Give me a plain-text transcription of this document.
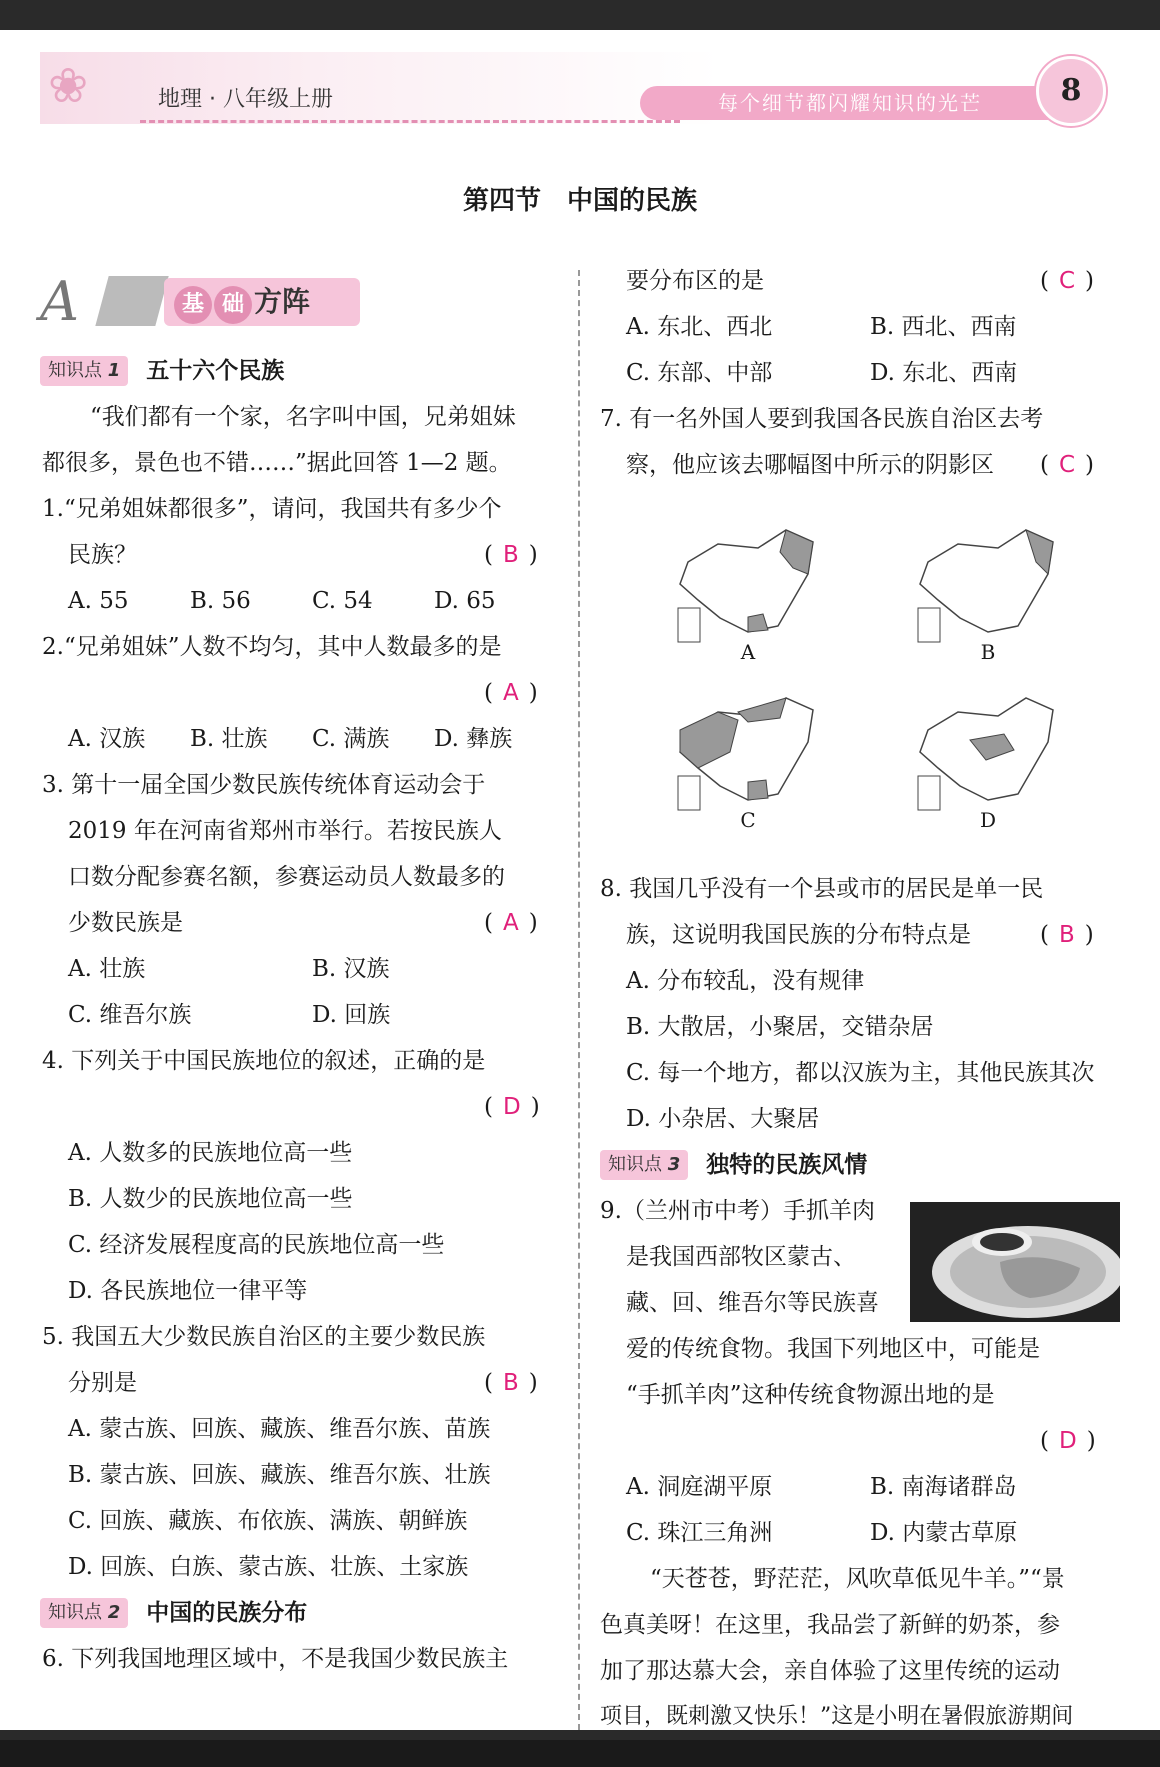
❀	地理 · 八年级上册	每个细节都闪耀知识的光芒	8
第四节　中国的民族
A	基 础 方阵
知识点 1 五十六个民族
“我们都有一个家，名字叫中国，兄弟姐妹
都很多，景色也不错……”据此回答 1—2 题。
1.“兄弟姐妹都很多”，请问，我国共有多少个
民族？	( B )
A. 55	B. 56	C. 54	D. 65
2.“兄弟姐妹”人数不均匀，其中人数最多的是
( A )
A. 汉族 B. 壮族 C. 满族 D. 彝族
3. 第十一届全国少数民族传统体育运动会于
2019 年在河南省郑州市举行。若按民族人
口数分配参赛名额，参赛运动员人数最多的
少数民族是	( A )
A. 壮族	B. 汉族
C. 维吾尔族	D. 回族
4. 下列关于中国民族地位的叙述，正确的是
( D )
A. 人数多的民族地位高一些
B. 人数少的民族地位高一些
C. 经济发展程度高的民族地位高一些
D. 各民族地位一律平等
5. 我国五大少数民族自治区的主要少数民族
分别是	( B )
A. 蒙古族、回族、藏族、维吾尔族、苗族
B. 蒙古族、回族、藏族、维吾尔族、壮族
C. 回族、藏族、布依族、满族、朝鲜族
D. 回族、白族、蒙古族、壮族、土家族
知识点 2 中国的民族分布
6. 下列我国地理区域中，不是我国少数民族主
要分布区的是	( C )
A. 东北、西北	B. 西北、西南
C. 东部、中部	D. 东北、西南
7. 有一名外国人要到我国各民族自治区去考
察，他应该去哪幅图中所示的阴影区 ( C )
A	B
C	D
8. 我国几乎没有一个县或市的居民是单一民
族，这说明我国民族的分布特点是	( B )
A. 分布较乱，没有规律
B. 大散居，小聚居，交错杂居
C. 每一个地方，都以汉族为主，其他民族其次
D. 小杂居、大聚居
知识点 3 独特的民族风情
9.（兰州市中考）手抓羊肉
是我国西部牧区蒙古、
藏、回、维吾尔等民族喜
爱的传统食物。我国下列地区中，可能是
“手抓羊肉”这种传统食物源出地的是
( D )
A. 洞庭湖平原	B. 南海诸群岛
C. 珠江三角洲	D. 内蒙古草原
“天苍苍，野茫茫，风吹草低见牛羊。”“景
色真美呀！在这里，我品尝了新鲜的奶茶，参
加了那达慕大会，亲自体验了这里传统的运动
项目，既刺激又快乐！”这是小明在暑假旅游期间
